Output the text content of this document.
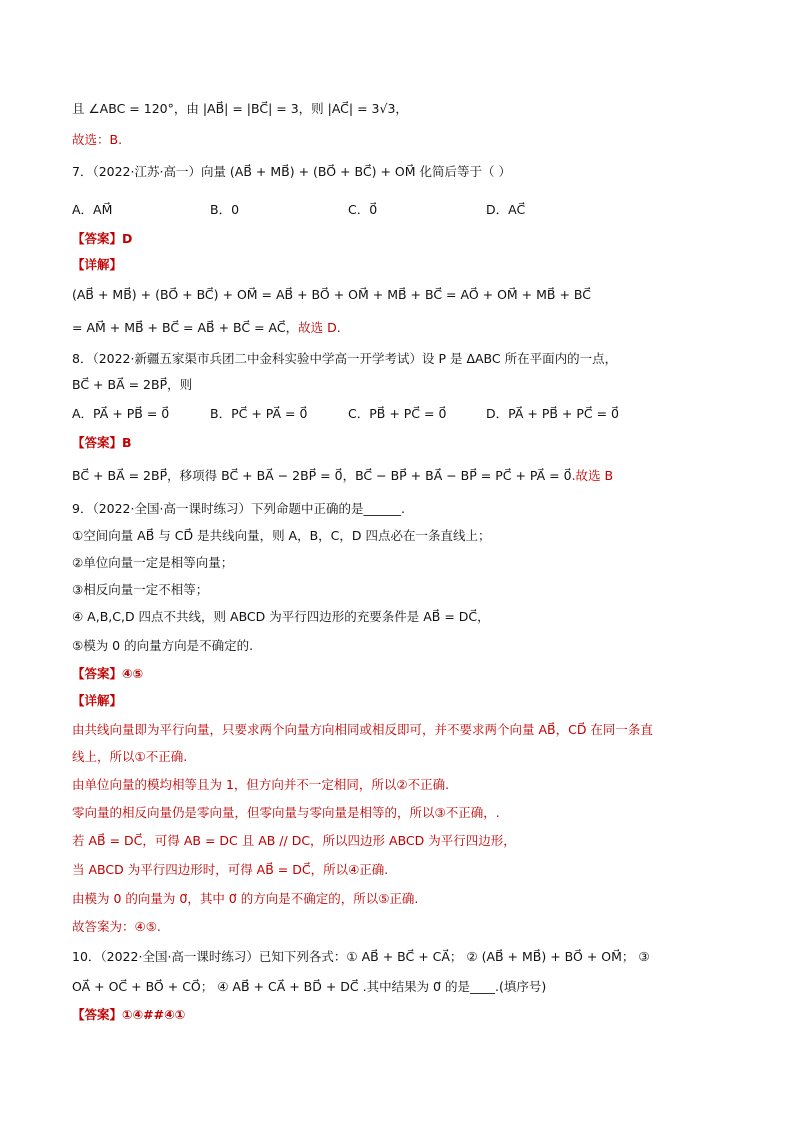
且 ∠ABC = 120°，由 |AB⃗| = |BC⃗| = 3，则 |AC⃗| = 3√3，
故选：B.
7．（2022·江苏·高一）向量 (AB⃗ + MB⃗) + (BO⃗ + BC⃗) + OM⃗ 化简后等于（ ）
A．AM⃗	B．0	C．0⃗	D．AC⃗
【答案】D
【详解】
(AB⃗ + MB⃗) + (BO⃗ + BC⃗) + OM⃗ = AB⃗ + BO⃗ + OM⃗ + MB⃗ + BC⃗ = AO⃗ + OM⃗ + MB⃗ + BC⃗
= AM⃗ + MB⃗ + BC⃗ = AB⃗ + BC⃗ = AC⃗，故选 D.
8．（2022·新疆五家渠市兵团二中金科实验中学高一开学考试）设 P 是 ΔABC 所在平面内的一点，
BC⃗ + BA⃗ = 2BP⃗，则
A．PA⃗ + PB⃗ = 0⃗	B．PC⃗ + PA⃗ = 0⃗	C．PB⃗ + PC⃗ = 0⃗	D．PA⃗ + PB⃗ + PC⃗ = 0⃗
【答案】B
BC⃗ + BA⃗ = 2BP⃗，移项得 BC⃗ + BA⃗ − 2BP⃗ = 0⃗，BC⃗ − BP⃗ + BA⃗ − BP⃗ = PC⃗ + PA⃗ = 0⃗.故选 B
9．（2022·全国·高一课时练习）下列命题中正确的是______.
①空间向量 AB⃗ 与 CD⃗ 是共线向量，则 A，B，C，D 四点必在一条直线上；
②单位向量一定是相等向量；
③相反向量一定不相等；
④ A,B,C,D 四点不共线，则 ABCD 为平行四边形的充要条件是 AB⃗ = DC⃗，
⑤模为 0 的向量方向是不确定的.
【答案】④⑤
【详解】
由共线向量即为平行向量，只要求两个向量方向相同或相反即可，并不要求两个向量 AB⃗，CD⃗ 在同一条直
线上，所以①不正确.
由单位向量的模均相等且为 1，但方向并不一定相同，所以②不正确.
零向量的相反向量仍是零向量，但零向量与零向量是相等的，所以③不正确，.
若 AB⃗ = DC⃗，可得 AB = DC 且 AB // DC，所以四边形 ABCD 为平行四边形，
当 ABCD 为平行四边形时，可得 AB⃗ = DC⃗，所以④正确.
由模为 0 的向量为 0⃗，其中 0⃗ 的方向是不确定的，所以⑤正确.
故答案为：④⑤.
10．（2022·全国·高一课时练习）已知下列各式：① AB⃗ + BC⃗ + CA⃗； ② (AB⃗ + MB⃗) + BO⃗ + OM⃗； ③
OA⃗ + OC⃗ + BO⃗ + CO⃗； ④ AB⃗ + CA⃗ + BD⃗ + DC⃗ .其中结果为 0⃗ 的是____.(填序号)
【答案】①④##④①
